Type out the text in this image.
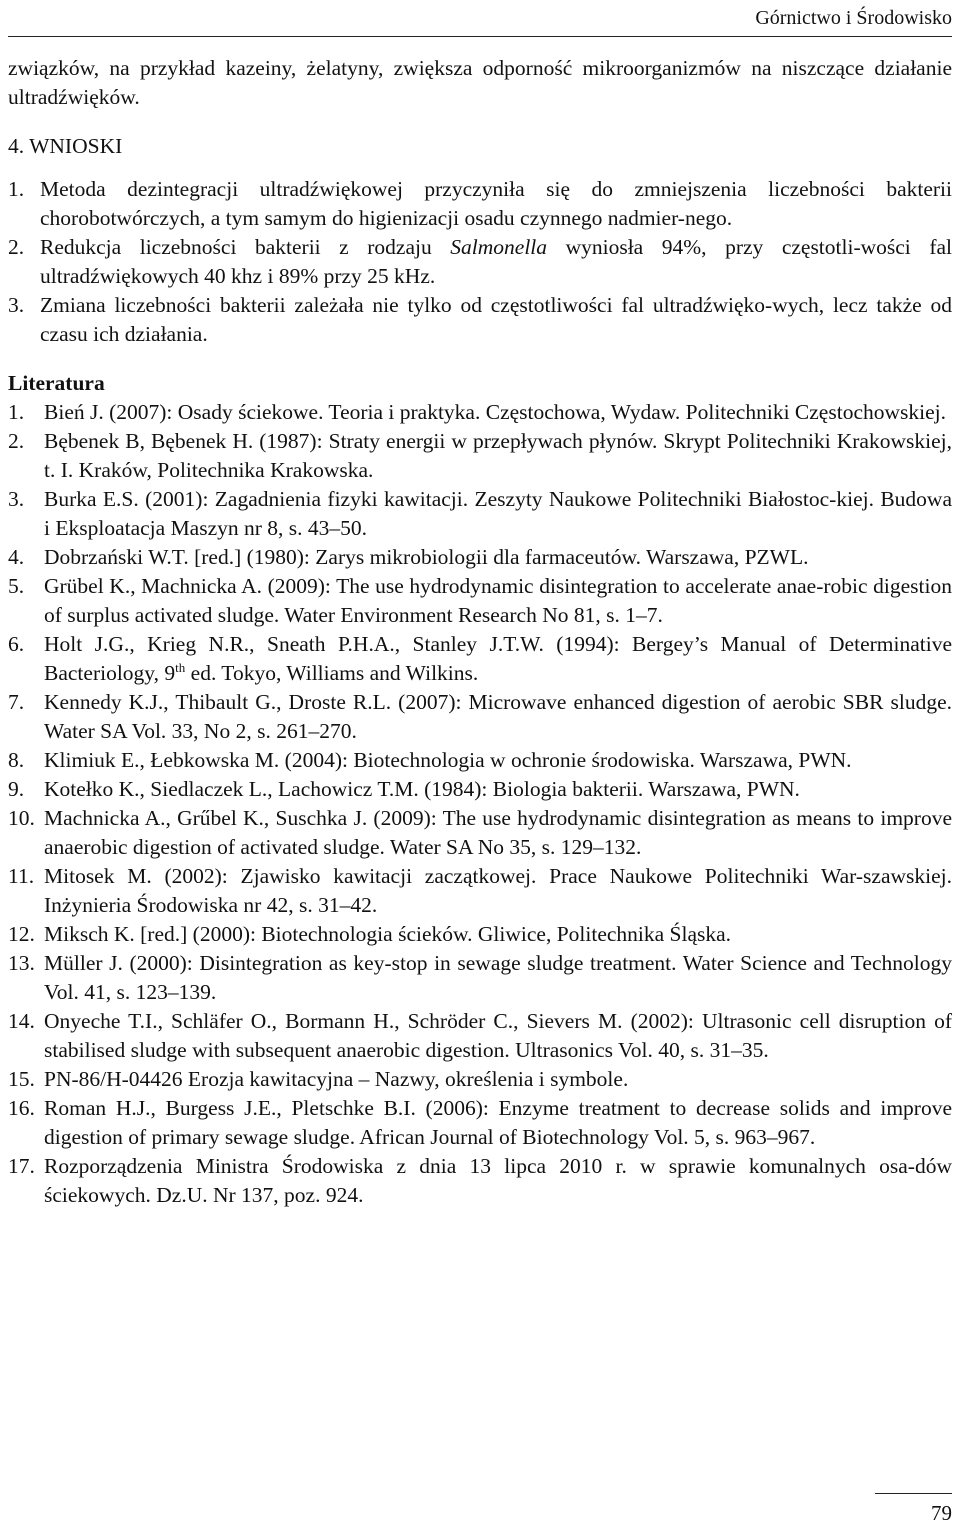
Górnictwo i Środowisko

związków, na przykład kazeiny, żelatyny, zwiększa odporność mikroorganizmów na niszczące działanie ultradźwięków.

4. WNIOSKI

1. Metoda dezintegracji ultradźwiękowej przyczyniła się do zmniejszenia liczebności bakterii chorobotwórczych, a tym samym do higienizacji osadu czynnego nadmier-nego.
2. Redukcja liczebności bakterii z rodzaju Salmonella wyniosła 94%, przy częstotli-wości fal ultradźwiękowych 40 khz i 89% przy 25 kHz.
3. Zmiana liczebności bakterii zależała nie tylko od częstotliwości fal ultradźwięko-wych, lecz także od czasu ich działania.

Literatura

1. Bień J. (2007): Osady ściekowe. Teoria i praktyka. Częstochowa, Wydaw. Politechniki Częstochowskiej.
2. Bębenek B, Bębenek H. (1987): Straty energii w przepływach płynów. Skrypt Politechniki Krakowskiej, t. I. Kraków, Politechnika Krakowska.
3. Burka E.S. (2001): Zagadnienia fizyki kawitacji. Zeszyty Naukowe Politechniki Białostoc-kiej. Budowa i Eksploatacja Maszyn nr 8, s. 43–50.
4. Dobrzański W.T. [red.] (1980): Zarys mikrobiologii dla farmaceutów. Warszawa, PZWL.
5. Grübel K., Machnicka A. (2009): The use hydrodynamic disintegration to accelerate anae-robic digestion of surplus activated sludge. Water Environment Research No 81, s. 1–7.
6. Holt J.G., Krieg N.R., Sneath P.H.A., Stanley J.T.W. (1994): Bergey’s Manual of Determinative Bacteriology, 9th ed. Tokyo, Williams and Wilkins.
7. Kennedy K.J., Thibault G., Droste R.L. (2007): Microwave enhanced digestion of aerobic SBR sludge. Water SA Vol. 33, No 2, s. 261–270.
8. Klimiuk E., Łebkowska M. (2004): Biotechnologia w ochronie środowiska. Warszawa, PWN.
9. Kotełko K., Siedlaczek L., Lachowicz T.M. (1984): Biologia bakterii. Warszawa, PWN.
10. Machnicka A., Grűbel K., Suschka J. (2009): The use hydrodynamic disintegration as means to improve anaerobic digestion of activated sludge. Water SA No 35, s. 129–132.
11. Mitosek M. (2002): Zjawisko kawitacji zaczątkowej. Prace Naukowe Politechniki War-szawskiej. Inżynieria Środowiska nr 42, s. 31–42.
12. Miksch K. [red.] (2000): Biotechnologia ścieków. Gliwice, Politechnika Śląska.
13. Müller J. (2000): Disintegration as key-stop in sewage sludge treatment. Water Science and Technology Vol. 41, s. 123–139.
14. Onyeche T.I., Schläfer O., Bormann H., Schröder C., Sievers M. (2002): Ultrasonic cell disruption of stabilised sludge with subsequent anaerobic digestion. Ultrasonics Vol. 40, s. 31–35.
15. PN-86/H-04426 Erozja kawitacyjna – Nazwy, określenia i symbole.
16. Roman H.J., Burgess J.E., Pletschke B.I. (2006): Enzyme treatment to decrease solids and improve digestion of primary sewage sludge. African Journal of Biotechnology Vol. 5, s. 963–967.
17. Rozporządzenia Ministra Środowiska z dnia 13 lipca 2010 r. w sprawie komunalnych osa-dów ściekowych. Dz.U. Nr 137, poz. 924.
79
